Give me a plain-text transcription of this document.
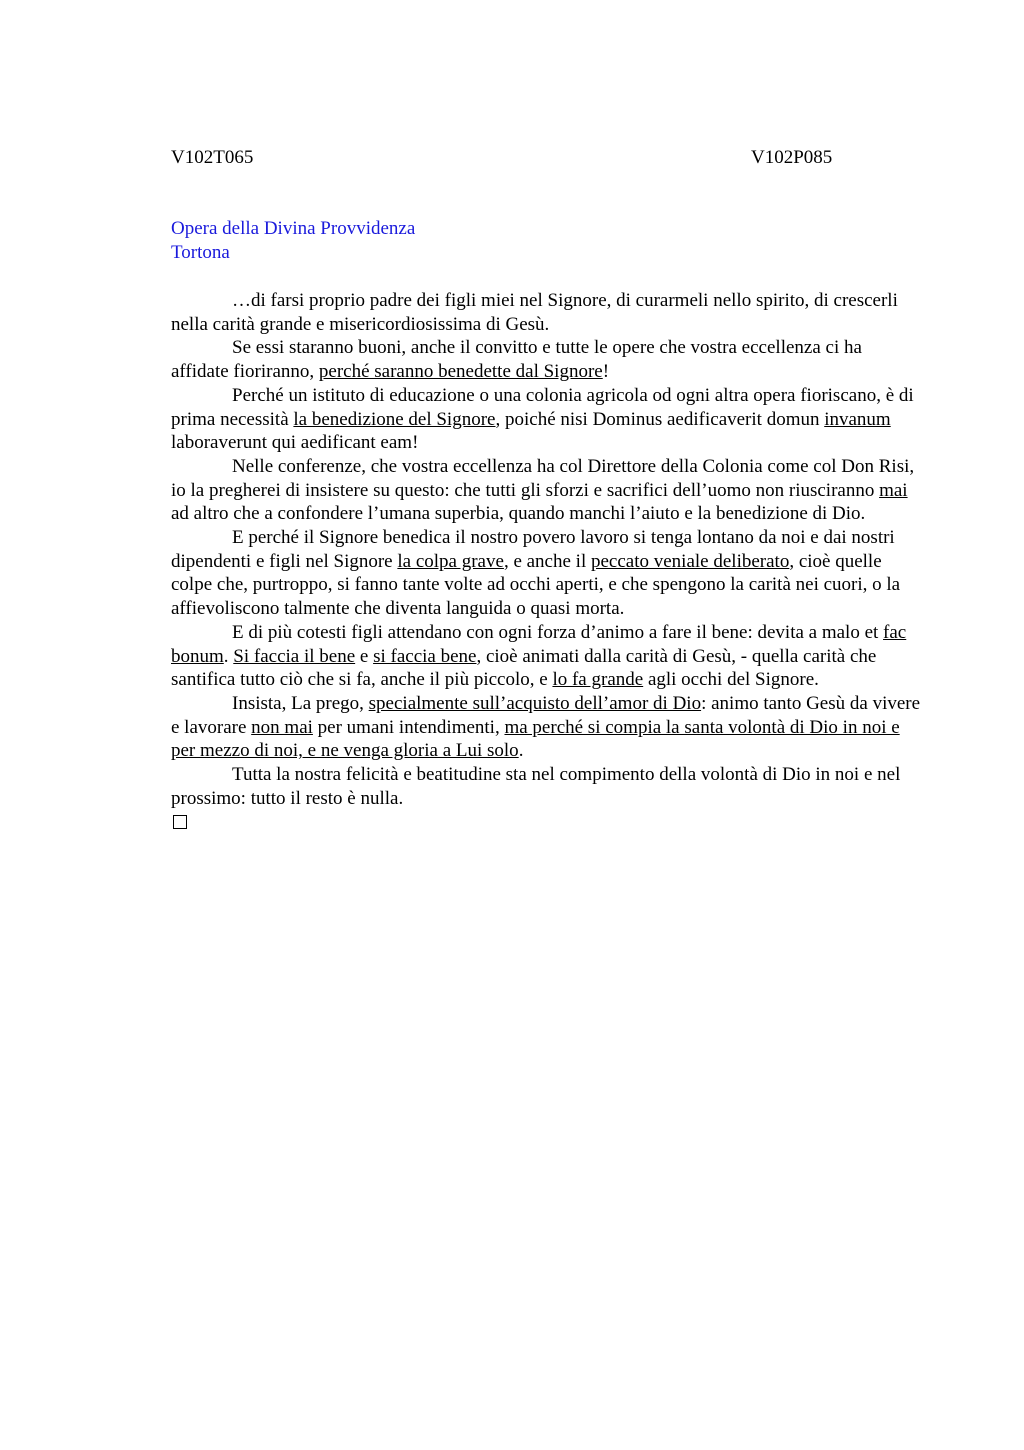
V102T065	V102P085
Opera della Divina Provvidenza
Tortona

…di farsi proprio padre dei figli miei nel Signore, di curarmeli nello spirito, di crescerli nella carità grande e misericordiosissima di Gesù.

Se essi staranno buoni, anche il convitto e tutte le opere che vostra eccellenza ci ha affidate fioriranno, perché saranno benedette dal Signore!

Perché un istituto di educazione o una colonia agricola od ogni altra opera fioriscano, è di prima necessità la benedizione del Signore, poiché nisi Dominus aedificaverit domun invanum laboraverunt qui aedificant eam!

Nelle conferenze, che vostra eccellenza ha col Direttore della Colonia come col Don Risi, io la pregherei di insistere su questo: che tutti gli sforzi e sacrifici dell’uomo non riusciranno mai ad altro che a confondere l’umana superbia, quando manchi l’aiuto e la benedizione di Dio.

E perché il Signore benedica il nostro povero lavoro si tenga lontano da noi e dai nostri dipendenti e figli nel Signore la colpa grave, e anche il peccato veniale deliberato, cioè quelle colpe che, purtroppo, si fanno tante volte ad occhi aperti, e che spengono la carità nei cuori, o la affievoliscono talmente che diventa languida o quasi morta.

E di più cotesti figli attendano con ogni forza d’animo a fare il bene: devita a malo et fac bonum. Si faccia il bene e si faccia bene, cioè animati dalla carità di Gesù, - quella carità che santifica tutto ciò che si fa, anche il più piccolo, e lo fa grande agli occhi del Signore.

Insista, La prego, specialmente sull’acquisto dell’amor di Dio: animo tanto Gesù da vivere e lavorare non mai per umani intendimenti, ma perché si compia la santa volontà di Dio in noi e per mezzo di noi, e ne venga gloria a Lui solo.

Tutta la nostra felicità e beatitudine sta nel compimento della volontà di Dio in noi e nel prossimo: tutto il resto è nulla.
